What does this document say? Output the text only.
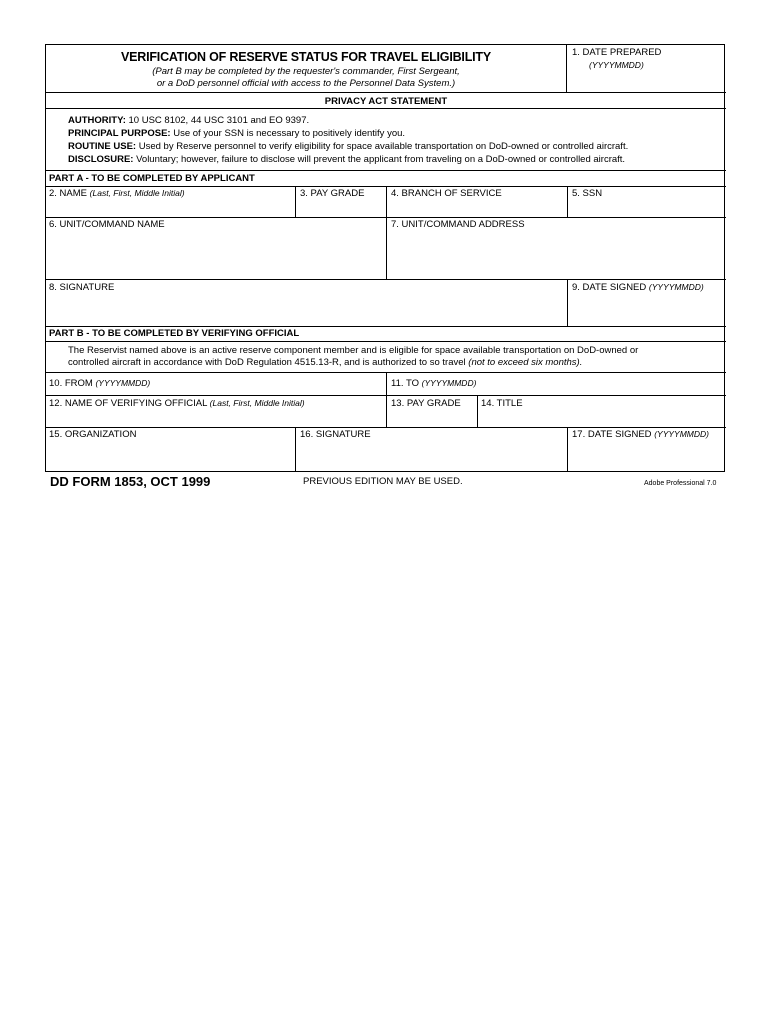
VERIFICATION OF RESERVE STATUS FOR TRAVEL ELIGIBILITY
(Part B may be completed by the requester's commander, First Sergeant,
or a DoD personnel official with access to the Personnel Data System.)
1. DATE PREPARED
(YYYYMMDD)
PRIVACY ACT STATEMENT
AUTHORITY: 10 USC 8102, 44 USC 3101 and EO 9397.
PRINCIPAL PURPOSE: Use of your SSN is necessary to positively identify you.
ROUTINE USE: Used by Reserve personnel to verify eligibility for space available transportation on DoD-owned or controlled aircraft.
DISCLOSURE: Voluntary; however, failure to disclose will prevent the applicant from traveling on a DoD-owned or controlled aircraft.
PART A - TO BE COMPLETED BY APPLICANT
2. NAME (Last, First, Middle Initial)	3. PAY GRADE	4. BRANCH OF SERVICE	5. SSN
6. UNIT/COMMAND NAME	7. UNIT/COMMAND ADDRESS
8. SIGNATURE	9. DATE SIGNED (YYYYMMDD)
PART B - TO BE COMPLETED BY VERIFYING OFFICIAL
The Reservist named above is an active reserve component member and is eligible for space available transportation on DoD-owned or
controlled aircraft in accordance with DoD Regulation 4515.13-R, and is authorized to so travel (not to exceed six months).
10. FROM (YYYYMMDD)	11. TO (YYYYMMDD)
12. NAME OF VERIFYING OFFICIAL (Last, First, Middle Initial)	13. PAY GRADE 14. TITLE
15. ORGANIZATION	16. SIGNATURE	17. DATE SIGNED (YYYYMMDD)
DD FORM 1853, OCT 1999	PREVIOUS EDITION MAY BE USED.	Adobe Professional 7.0
